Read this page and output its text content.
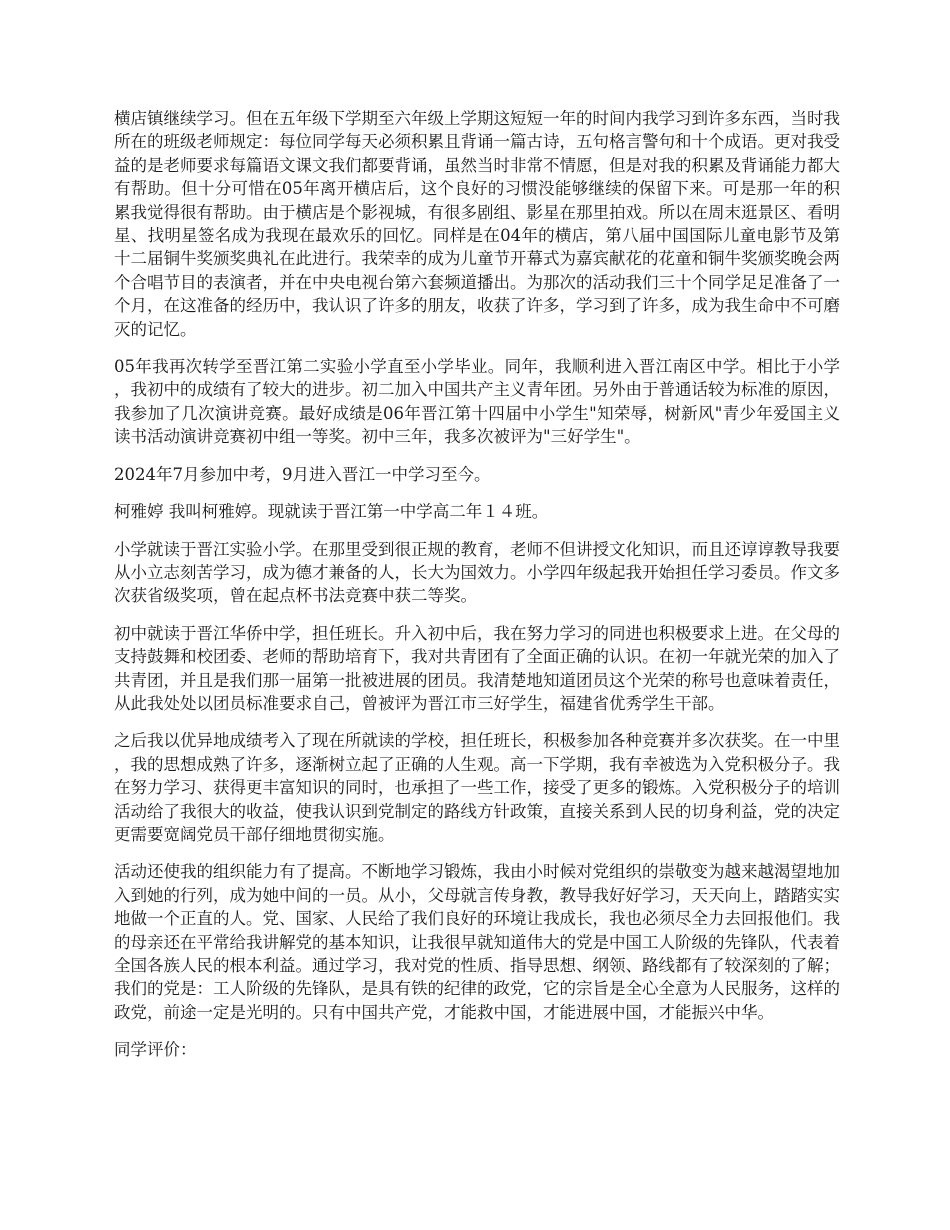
横店镇继续学习。但在五年级下学期至六年级上学期这短短一年的时间内我学习到许多东西，当时我所在的班级老师规定：每位同学每天必须积累且背诵一篇古诗，五句格言警句和十个成语。更对我受益的是老师要求每篇语文课文我们都要背诵，虽然当时非常不情愿，但是对我的积累及背诵能力都大有帮助。但十分可惜在05年离开横店后，这个良好的习惯没能够继续的保留下来。可是那一年的积累我觉得很有帮助。由于横店是个影视城，有很多剧组、影星在那里拍戏。所以在周末逛景区、看明星、找明星签名成为我现在最欢乐的回忆。同样是在04年的横店，第八届中国国际儿童电影节及第十二届铜牛奖颁奖典礼在此进行。我荣幸的成为儿童节开幕式为嘉宾献花的花童和铜牛奖颁奖晚会两个合唱节目的表演者，并在中央电视台第六套频道播出。为那次的活动我们三十个同学足足准备了一个月，在这准备的经历中，我认识了许多的朋友，收获了许多，学习到了许多，成为我生命中不可磨灭的记忆。

05年我再次转学至晋江第二实验小学直至小学毕业。同年，我顺利进入晋江南区中学。相比于小学，我初中的成绩有了较大的进步。初二加入中国共产主义青年团。另外由于普通话较为标准的原因，我参加了几次演讲竞赛。最好成绩是06年晋江第十四届中小学生"知荣辱，树新风"青少年爱国主义读书活动演讲竞赛初中组一等奖。初中三年，我多次被评为"三好学生"。

2024年7月参加中考，9月进入晋江一中学习至今。

柯雅婷 我叫柯雅婷。现就读于晋江第一中学高二年１４班。

小学就读于晋江实验小学。在那里受到很正规的教育，老师不但讲授文化知识，而且还谆谆教导我要从小立志刻苦学习，成为德才兼备的人，长大为国效力。小学四年级起我开始担任学习委员。作文多次获省级奖项，曾在起点杯书法竞赛中获二等奖。

初中就读于晋江华侨中学，担任班长。升入初中后，我在努力学习的同进也积极要求上进。在父母的支持鼓舞和校团委、老师的帮助培育下，我对共青团有了全面正确的认识。在初一年就光荣的加入了共青团，并且是我们那一届第一批被进展的团员。我清楚地知道团员这个光荣的称号也意味着责任，从此我处处以团员标准要求自己，曾被评为晋江市三好学生，福建省优秀学生干部。

之后我以优异地成绩考入了现在所就读的学校，担任班长，积极参加各种竞赛并多次获奖。在一中里，我的思想成熟了许多，逐渐树立起了正确的人生观。高一下学期，我有幸被选为入党积极分子。我在努力学习、获得更丰富知识的同时，也承担了一些工作，接受了更多的锻炼。入党积极分子的培训活动给了我很大的收益，使我认识到党制定的路线方针政策，直接关系到人民的切身利益，党的决定更需要宽阔党员干部仔细地贯彻实施。

活动还使我的组织能力有了提高。不断地学习锻炼，我由小时候对党组织的崇敬变为越来越渴望地加入到她的行列，成为她中间的一员。从小，父母就言传身教，教导我好好学习，天天向上，踏踏实实地做一个正直的人。党、国家、人民给了我们良好的环境让我成长，我也必须尽全力去回报他们。我的母亲还在平常给我讲解党的基本知识，让我很早就知道伟大的党是中国工人阶级的先锋队，代表着全国各族人民的根本利益。通过学习，我对党的性质、指导思想、纲领、路线都有了较深刻的了解；我们的党是：工人阶级的先锋队，是具有铁的纪律的政党，它的宗旨是全心全意为人民服务，这样的政党，前途一定是光明的。只有中国共产党，才能救中国，才能进展中国，才能振兴中华。

同学评价：
